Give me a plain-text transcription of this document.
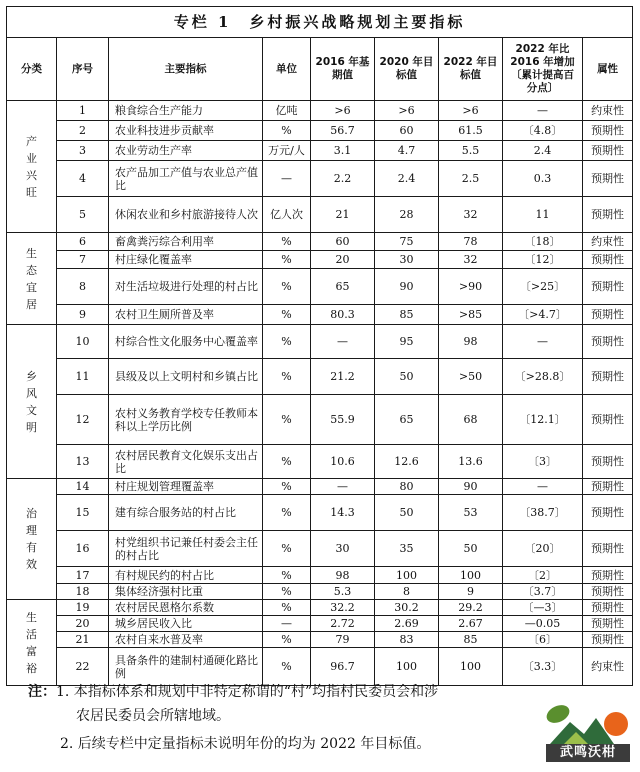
专栏 1　乡村振兴战略规划主要指标								
分类	序号	主要指标	单位	2016 年基期值	2020 年目标值	2022 年目标值	2022 年比 2016 年增加〔累计提高百分点〕	属性
产业兴旺	1	粮食综合生产能力	亿吨	>6	>6	>6	—	约束性
	2	农业科技进步贡献率	%	56.7	60	61.5	〔4.8〕	预期性
	3	农业劳动生产率	万元/人	3.1	4.7	5.5	2.4	预期性
	4	农产品加工产值与农业总产值比	—	2.2	2.4	2.5	0.3	预期性
	5	休闲农业和乡村旅游接待人次	亿人次	21	28	32	11	预期性
生态宜居	6	畜禽粪污综合利用率	%	60	75	78	〔18〕	约束性
	7	村庄绿化覆盖率	%	20	30	32	〔12〕	预期性
	8	对生活垃圾进行处理的村占比	%	65	90	>90	〔>25〕	预期性
	9	农村卫生厕所普及率	%	80.3	85	>85	〔>4.7〕	预期性
乡风文明	10	村综合性文化服务中心覆盖率	%	—	95	98	—	预期性
	11	县级及以上文明村和乡镇占比	%	21.2	50	>50	〔>28.8〕	预期性
	12	农村义务教育学校专任教师本科以上学历比例	%	55.9	65	68	〔12.1〕	预期性
	13	农村居民教育文化娱乐支出占比	%	10.6	12.6	13.6	〔3〕	预期性
治理有效	14	村庄规划管理覆盖率	%	—	80	90	—	预期性
	15	建有综合服务站的村占比	%	14.3	50	53	〔38.7〕	预期性
	16	村党组织书记兼任村委会主任的村占比	%	30	35	50	〔20〕	预期性
	17	有村规民约的村占比	%	98	100	100	〔2〕	预期性
	18	集体经济强村比重	%	5.3	8	9	〔3.7〕	预期性
生活富裕	19	农村居民恩格尔系数	%	32.2	30.2	29.2	〔—3〕	预期性
	20	城乡居民收入比	—	2.72	2.69	2.67	—0.05	预期性
	21	农村自来水普及率	%	79	83	85	〔6〕	预期性
	22	具备条件的建制村通硬化路比例	%	96.7	100	100	〔3.3〕	约束性

注：1. 本指标体系和规划中非特定称谓的“村”均指村民委员会和涉

农居民委员会所辖地域。

2. 后续专栏中定量指标未说明年份的均为 2022 年目标值。

武鸣沃柑
